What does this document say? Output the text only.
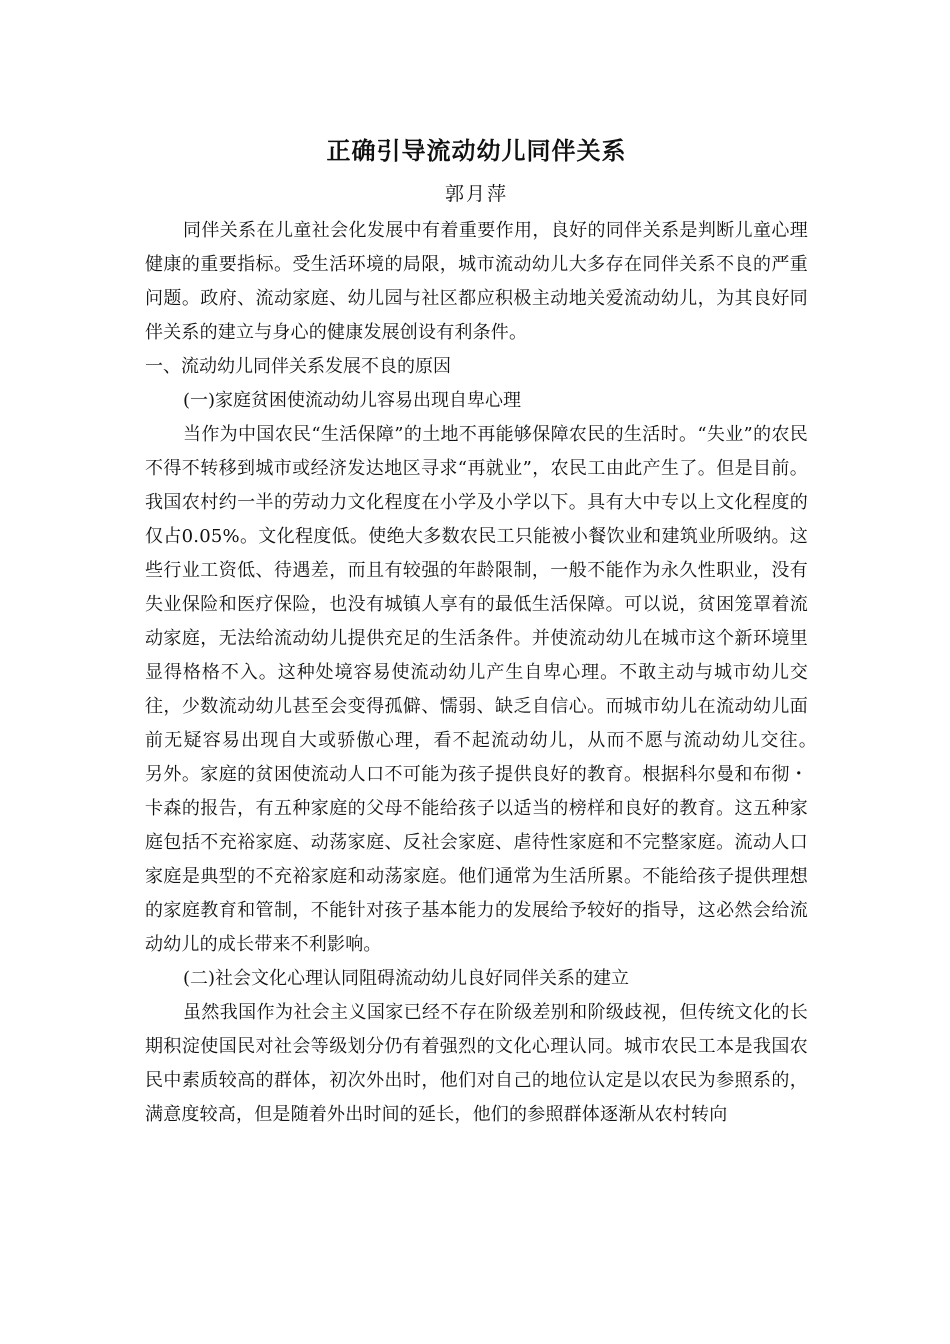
正确引导流动幼儿同伴关系

郭月萍

同伴关系在儿童社会化发展中有着重要作用，良好的同伴关系是判断儿童心理健康的重要指标。受生活环境的局限，城市流动幼儿大多存在同伴关系不良的严重问题。政府、流动家庭、幼儿园与社区都应积极主动地关爱流动幼儿，为其良好同伴关系的建立与身心的健康发展创设有利条件。

一、流动幼儿同伴关系发展不良的原因

(一)家庭贫困使流动幼儿容易出现自卑心理

当作为中国农民“生活保障”的土地不再能够保障农民的生活时。“失业”的农民不得不转移到城市或经济发达地区寻求“再就业”，农民工由此产生了。但是目前。我国农村约一半的劳动力文化程度在小学及小学以下。具有大中专以上文化程度的仅占0.05%。文化程度低。使绝大多数农民工只能被小餐饮业和建筑业所吸纳。这些行业工资低、待遇差，而且有较强的年龄限制，一般不能作为永久性职业，没有失业保险和医疗保险，也没有城镇人享有的最低生活保障。可以说，贫困笼罩着流动家庭，无法给流动幼儿提供充足的生活条件。并使流动幼儿在城市这个新环境里显得格格不入。这种处境容易使流动幼儿产生自卑心理。不敢主动与城市幼儿交往，少数流动幼儿甚至会变得孤僻、懦弱、缺乏自信心。而城市幼儿在流动幼儿面前无疑容易出现自大或骄傲心理，看不起流动幼儿，从而不愿与流动幼儿交往。　另外。家庭的贫困使流动人口不可能为孩子提供良好的教育。根据科尔曼和布彻・卡森的报告，有五种家庭的父母不能给孩子以适当的榜样和良好的教育。这五种家庭包括不充裕家庭、动荡家庭、反社会家庭、虐待性家庭和不完整家庭。流动人口家庭是典型的不充裕家庭和动荡家庭。他们通常为生活所累。不能给孩子提供理想的家庭教育和管制，不能针对孩子基本能力的发展给予较好的指导，这必然会给流动幼儿的成长带来不利影响。

(二)社会文化心理认同阻碍流动幼儿良好同伴关系的建立

虽然我国作为社会主义国家已经不存在阶级差别和阶级歧视，但传统文化的长期积淀使国民对社会等级划分仍有着强烈的文化心理认同。城市农民工本是我国农民中素质较高的群体，初次外出时，他们对自己的地位认定是以农民为参照系的，满意度较高，但是随着外出时间的延长，他们的参照群体逐渐从农村转向
